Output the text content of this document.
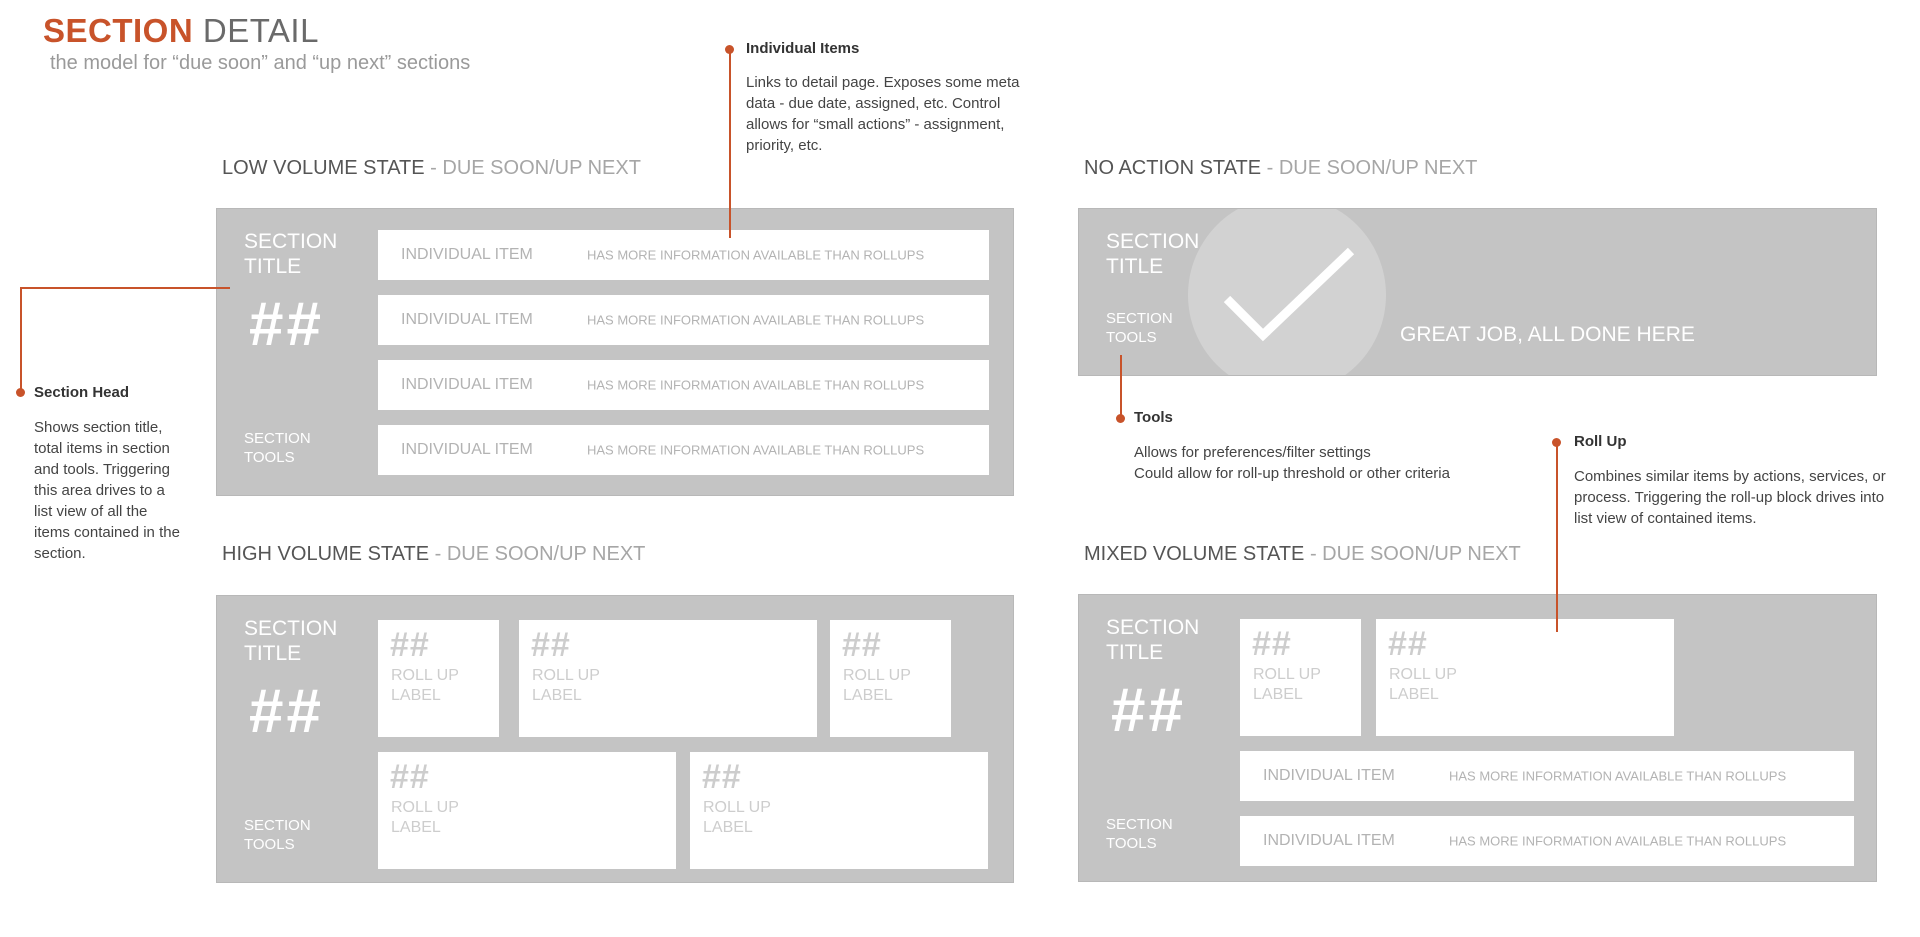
SECTION DETAIL
the model for “due soon” and “up next” sections
LOW VOLUME STATE - DUE SOON/UP NEXT
SECTION
TITLE
##
SECTION
TOOLS
INDIVIDUAL ITEM	HAS MORE INFORMATION AVAILABLE THAN ROLLUPS
INDIVIDUAL ITEM	HAS MORE INFORMATION AVAILABLE THAN ROLLUPS
INDIVIDUAL ITEM	HAS MORE INFORMATION AVAILABLE THAN ROLLUPS
INDIVIDUAL ITEM	HAS MORE INFORMATION AVAILABLE THAN ROLLUPS
HIGH VOLUME STATE - DUE SOON/UP NEXT
SECTION
TITLE
##
SECTION
TOOLS
##
ROLL UP
LABEL
##
ROLL UP
LABEL
##
ROLL UP
LABEL
##
ROLL UP
LABEL
##
ROLL UP
LABEL
NO ACTION STATE - DUE SOON/UP NEXT
SECTION
TITLE
SECTION
TOOLS	GREAT JOB, ALL DONE HERE
MIXED VOLUME STATE - DUE SOON/UP NEXT
SECTION
TITLE
##
SECTION
TOOLS
##
ROLL UP
LABEL
##
ROLL UP
LABEL
INDIVIDUAL ITEM	HAS MORE INFORMATION AVAILABLE THAN ROLLUPS
INDIVIDUAL ITEM	HAS MORE INFORMATION AVAILABLE THAN ROLLUPS
Individual Items
Links to detail page. Exposes some meta data - due date, assigned, etc. Control allows for “small actions” - assignment, priority, etc.
Section Head
Shows section title, total items in section and tools. Triggering this area drives to a list view of all the items contained in the section.
Tools
Allows for preferences/filter settings
Could allow for roll-up threshold or other criteria
Roll Up
Combines similar items by actions, services, or process. Triggering the roll-up block drives into list view of contained items.
